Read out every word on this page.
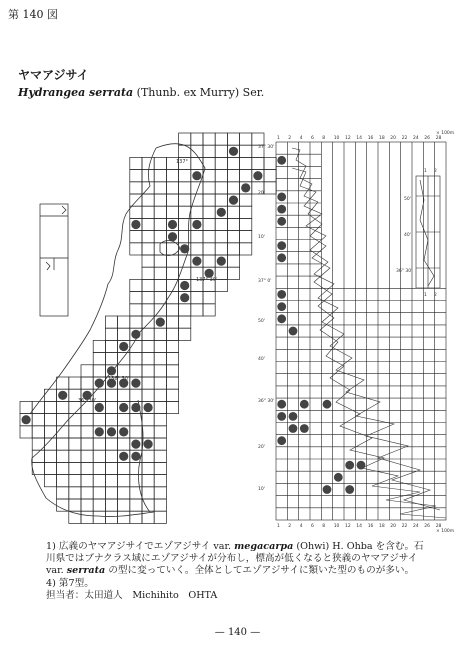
第 140 図
ヤマアジサイ
Hydrangea serrata (Thunb. ex Murry) Ser.
137°
137° 30'
136° 30'
36° 30'
1
1
2
2
4
4
6
6
8
8
10
10
12
12
14
14
16
16
18
18
20
20
22
22
24
24
26
26
28
28
37° 30'
20'
10'
37° 0'
50'
40'
36° 30'
20'
10'
× 100m
× 100m
1 2
50'
40'
36° 30'
1 2

1) 広義のヤマアジサイでエゾアジサイ var. megacarpa (Ohwi) H. Ohba を含む。石

川県ではブナクラス域にエゾアジサイが分布し，標高が低くなると狭義のヤマアジサイ

var. serrata の型に変っていく。全体としてエゾアジサイに類いた型のものが多い。

4) 第7型。

担当者：太田道人　Michihito　OHTA

— 140 —
